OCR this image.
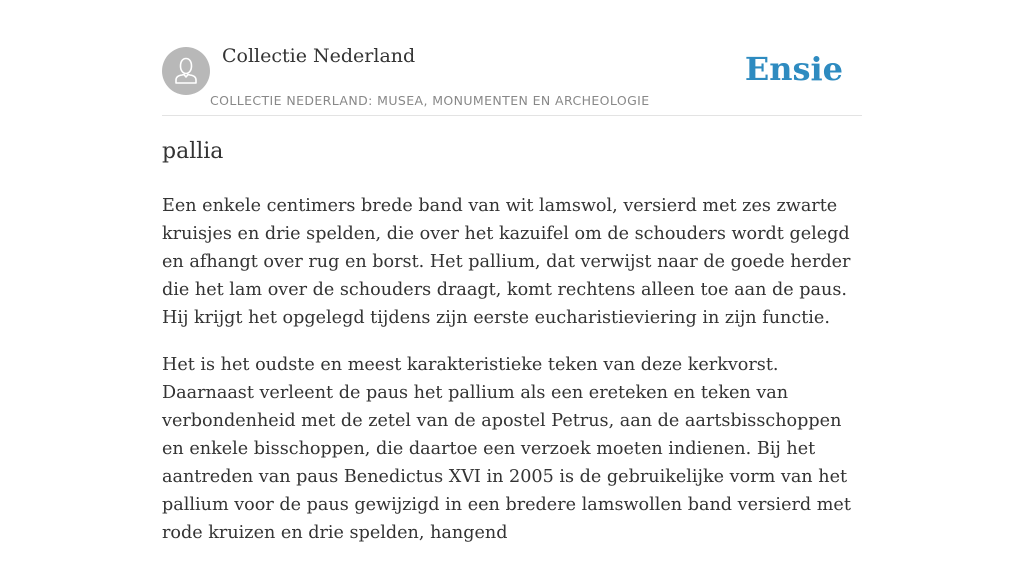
Collectie Nederland
COLLECTIE NEDERLAND: MUSEA, MONUMENTEN EN ARCHEOLOGIE
Ensie
pallia

Een enkele centimers brede band van wit lamswol, versierd met zes zwarte kruisjes en drie spelden, die over het kazuifel om de schouders wordt gelegd en afhangt over rug en borst. Het pallium, dat verwijst naar de goede herder die het lam over de schouders draagt, komt rechtens alleen toe aan de paus. Hij krijgt het opgelegd tijdens zijn eerste eucharistieviering in zijn functie.

Het is het oudste en meest karakteristieke teken van deze kerkvorst. Daarnaast verleent de paus het pallium als een ereteken en teken van verbondenheid met de zetel van de apostel Petrus, aan de aartsbisschoppen en enkele bisschoppen, die daartoe een verzoek moeten indienen. Bij het aantreden van paus Benedictus XVI in 2005 is de gebruikelijke vorm van het pallium voor de paus gewijzigd in een bredere lamswollen band versierd met rode kruizen en drie spelden, hangend
